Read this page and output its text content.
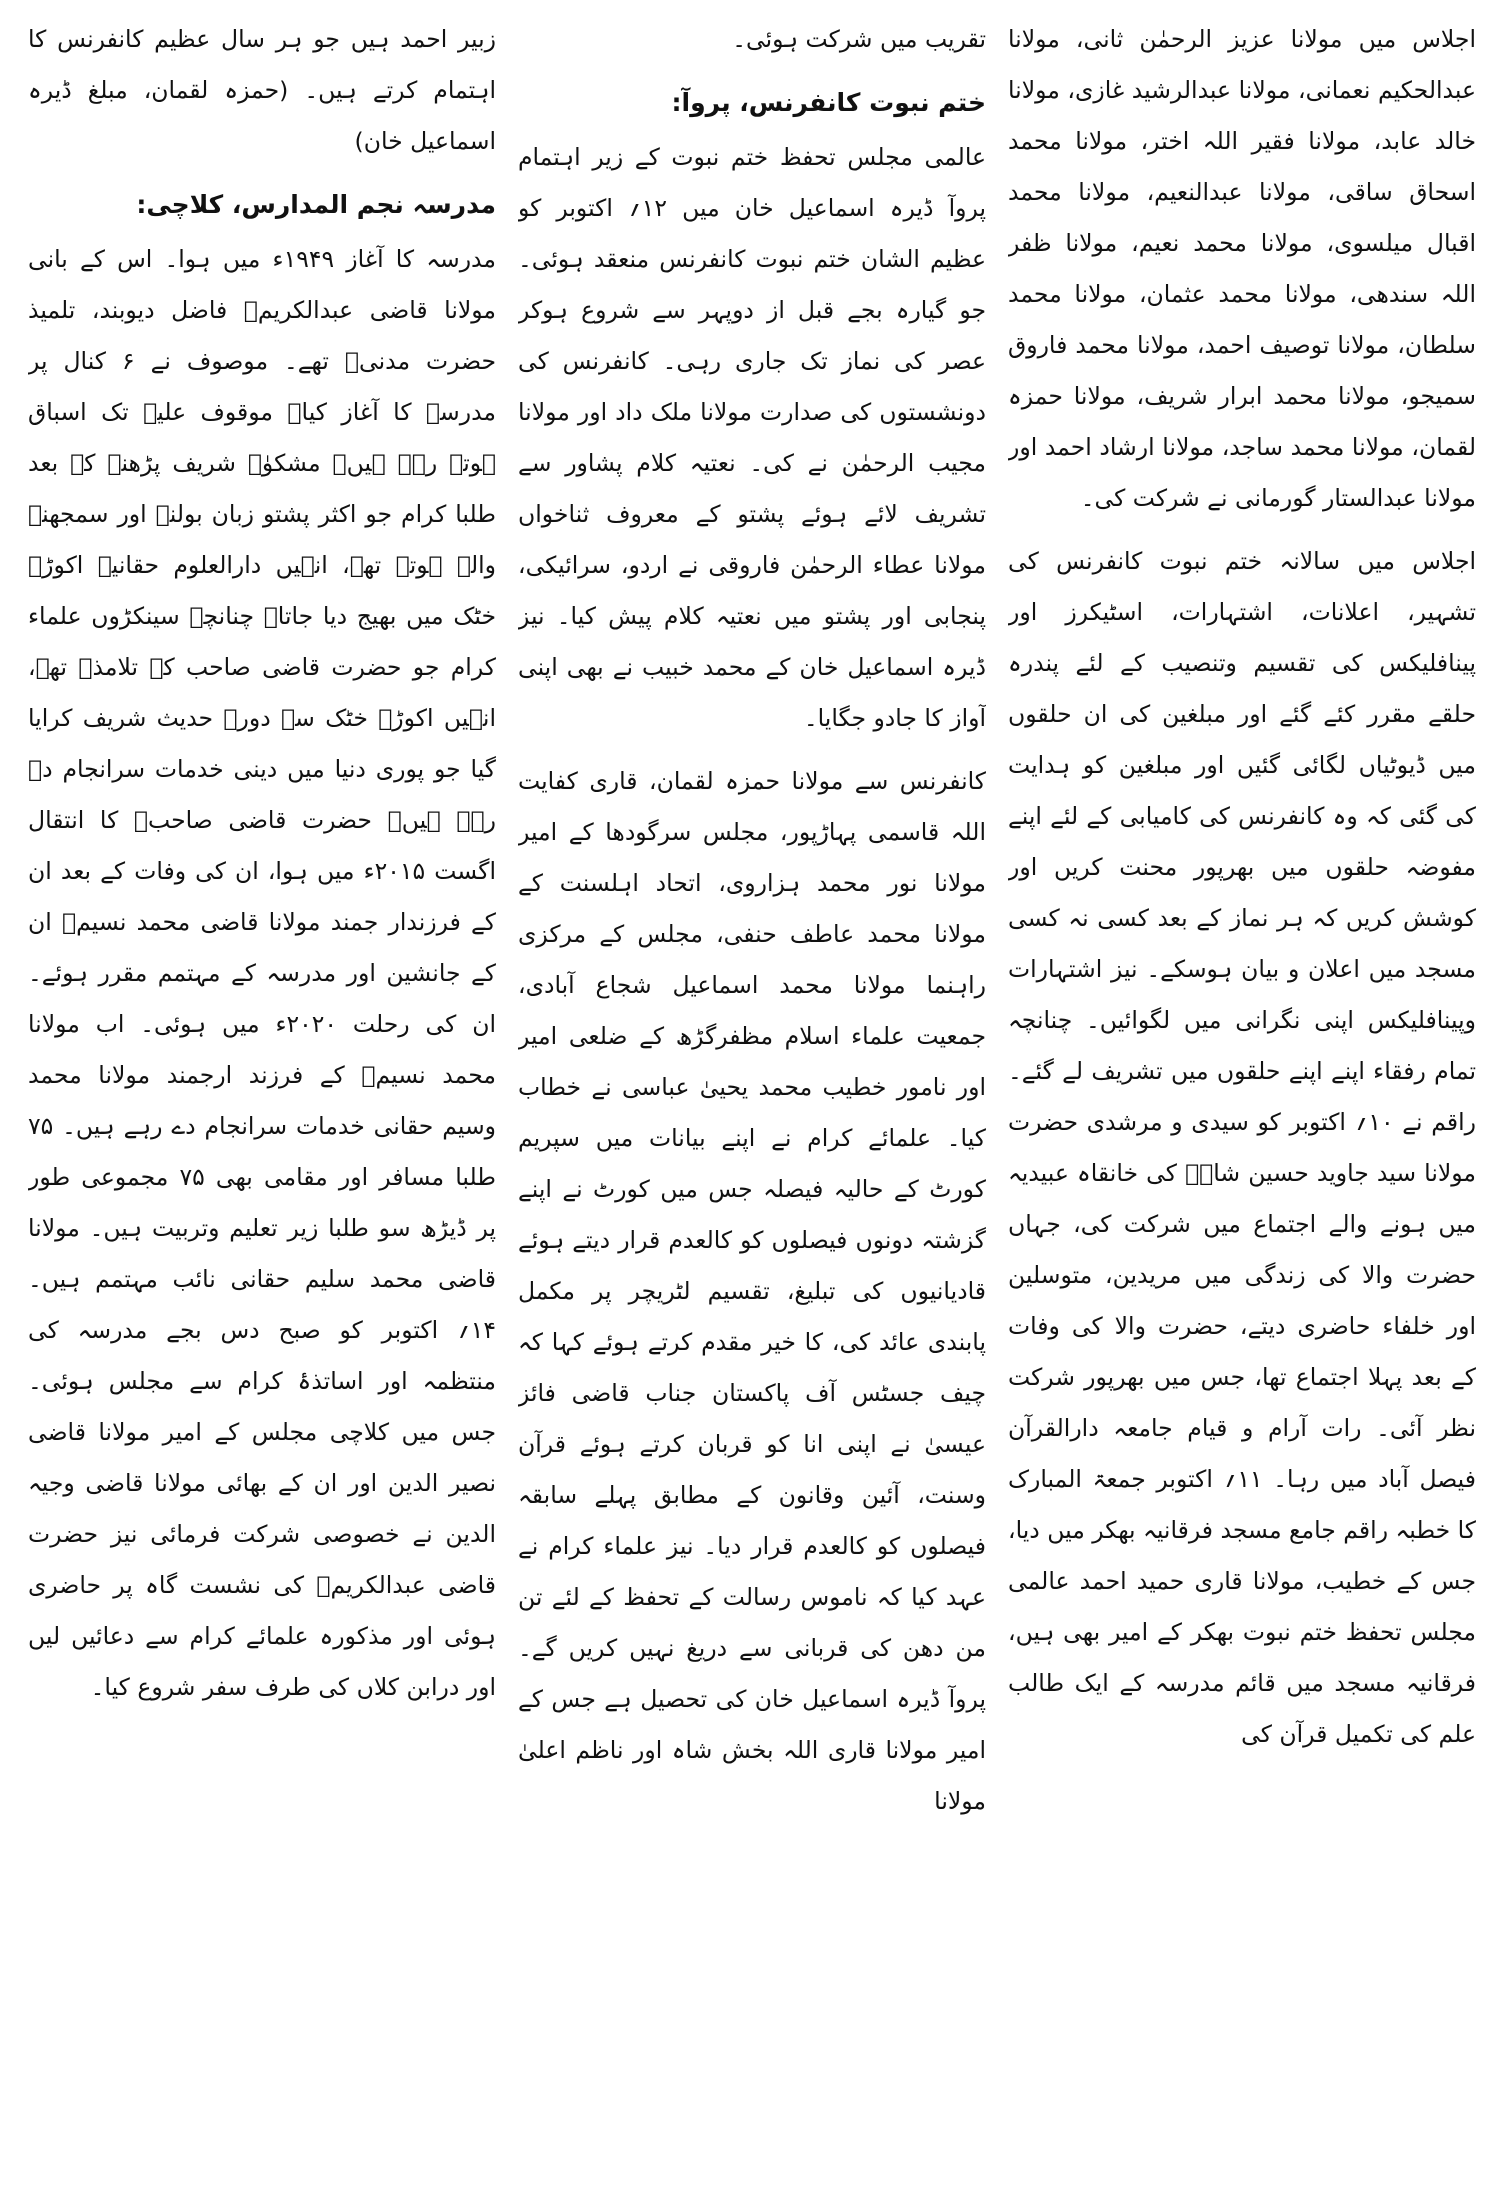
اجلاس میں مولانا عزیز الرحمٰن ثانی، مولانا عبدالحکیم نعمانی، مولانا عبدالرشید غازی، مولانا خالد عابد، مولانا فقیر اللہ اختر، مولانا محمد اسحاق ساقی، مولانا عبدالنعیم، مولانا محمد اقبال میلسوی، مولانا محمد نعیم، مولانا ظفر اللہ سندھی، مولانا محمد عثمان، مولانا محمد سلطان، مولانا توصیف احمد، مولانا محمد فاروق سمیجو، مولانا محمد ابرار شریف، مولانا حمزہ لقمان، مولانا محمد ساجد، مولانا ارشاد احمد اور مولانا عبدالستار گورمانی نے شرکت کی۔

اجلاس میں سالانہ ختم نبوت کانفرنس کی تشہیر، اعلانات، اشتہارات، اسٹیکرز اور پینافلیکس کی تقسیم وتنصیب کے لئے پندرہ حلقے مقرر کئے گئے اور مبلغین کی ان حلقوں میں ڈیوٹیاں لگائی گئیں اور مبلغین کو ہدایت کی گئی کہ وہ کانفرنس کی کامیابی کے لئے اپنے مفوضہ حلقوں میں بھرپور محنت کریں اور کوشش کریں کہ ہر نماز کے بعد کسی نہ کسی مسجد میں اعلان و بیان ہوسکے۔ نیز اشتہارات وپینافلیکس اپنی نگرانی میں لگوائیں۔ چنانچہ تمام رفقاء اپنے اپنے حلقوں میں تشریف لے گئے۔ راقم نے ۱۰؍ اکتوبر کو سیدی و مرشدی حضرت مولانا سید جاوید حسین شاہؒ کی خانقاہ عبیدیہ میں ہونے والے اجتماع میں شرکت کی، جہاں حضرت والا کی زندگی میں مریدین، متوسلین اور خلفاء حاضری دیتے، حضرت والا کی وفات کے بعد پہلا اجتماع تھا، جس میں بھرپور شرکت نظر آئی۔ رات آرام و قیام جامعہ دارالقرآن فیصل آباد میں رہا۔ ۱۱؍ اکتوبر جمعۃ المبارک کا خطبہ راقم جامع مسجد فرقانیہ بھکر میں دیا، جس کے خطیب، مولانا قاری حمید احمد عالمی مجلس تحفظ ختم نبوت بھکر کے امیر بھی ہیں، فرقانیہ مسجد میں قائم مدرسہ کے ایک طالب علم کی تکمیل قرآن کی

تقریب میں شرکت ہوئی۔

ختم نبوت کانفرنس، پروآ:

عالمی مجلس تحفظ ختم نبوت کے زیر اہتمام پروآ ڈیرہ اسماعیل خان میں ۱۲؍ اکتوبر کو عظیم الشان ختم نبوت کانفرنس منعقد ہوئی۔ جو گیارہ بجے قبل از دوپہر سے شروع ہوکر عصر کی نماز تک جاری رہی۔ کانفرنس کی دونشستوں کی صدارت مولانا ملک داد اور مولانا مجیب الرحمٰن نے کی۔ نعتیہ کلام پشاور سے تشریف لائے ہوئے پشتو کے معروف ثناخواں مولانا عطاء الرحمٰن فاروقی نے اردو، سرائیکی، پنجابی اور پشتو میں نعتیہ کلام پیش کیا۔ نیز ڈیرہ اسماعیل خان کے محمد خبیب نے بھی اپنی آواز کا جادو جگایا۔

کانفرنس سے مولانا حمزہ لقمان، قاری کفایت اللہ قاسمی پہاڑپور، مجلس سرگودھا کے امیر مولانا نور محمد ہزاروی، اتحاد اہلسنت کے مولانا محمد عاطف حنفی، مجلس کے مرکزی راہنما مولانا محمد اسماعیل شجاع آبادی، جمعیت علماء اسلام مظفرگڑھ کے ضلعی امیر اور نامور خطیب محمد یحییٰ عباسی نے خطاب کیا۔ علمائے کرام نے اپنے بیانات میں سپریم کورٹ کے حالیہ فیصلہ جس میں کورٹ نے اپنے گزشتہ دونوں فیصلوں کو کالعدم قرار دیتے ہوئے قادیانیوں کی تبلیغ، تقسیم لٹریچر پر مکمل پابندی عائد کی، کا خیر مقدم کرتے ہوئے کہا کہ چیف جسٹس آف پاکستان جناب قاضی فائز عیسیٰ نے اپنی انا کو قربان کرتے ہوئے قرآن وسنت، آئین وقانون کے مطابق پہلے سابقہ فیصلوں کو کالعدم قرار دیا۔ نیز علماء کرام نے عہد کیا کہ ناموس رسالت کے تحفظ کے لئے تن من دھن کی قربانی سے دریغ نہیں کریں گے۔ پروآ ڈیرہ اسماعیل خان کی تحصیل ہے جس کے امیر مولانا قاری اللہ بخش شاہ اور ناظم اعلیٰ مولانا

زبیر احمد ہیں جو ہر سال عظیم کانفرنس کا اہتمام کرتے ہیں۔ (حمزہ لقمان، مبلغ ڈیرہ اسماعیل خان)

مدرسہ نجم المدارس، کلاچی:

مدرسہ کا آغاز ۱۹۴۹ء میں ہوا۔ اس کے بانی مولانا قاضی عبدالکریمؒ فاضل دیوبند، تلمیذ حضرت مدنیؒ تھے۔ موصوف نے ۶ کنال پر مدرسہ کا آغاز کیا۔ موقوف علیہ تک اسباق ہوتے رہے ہیں۔ مشکوٰۃ شریف پڑھنے کے بعد طلبا کرام جو اکثر پشتو زبان بولنے اور سمجھنے والے ہوتے تھے، انہیں دارالعلوم حقانیہ اکوڑہ خٹک میں بھیج دیا جاتا۔ چنانچہ سینکڑوں علماء کرام جو حضرت قاضی صاحب کے تلامذہ تھے، انہیں اکوڑہ خٹک سے دورۂ حدیث شریف کرایا گیا جو پوری دنیا میں دینی خدمات سرانجام دے رہے ہیں۔ حضرت قاضی صاحبؒ کا انتقال اگست ۲۰۱۵ء میں ہوا، ان کی وفات کے بعد ان کے فرزندار جمند مولانا قاضی محمد نسیمؒ ان کے جانشین اور مدرسہ کے مہتمم مقرر ہوئے۔ ان کی رحلت ۲۰۲۰ء میں ہوئی۔ اب مولانا محمد نسیمؒ کے فرزند ارجمند مولانا محمد وسیم حقانی خدمات سرانجام دے رہے ہیں۔ ۷۵ طلبا مسافر اور مقامی بھی ۷۵ مجموعی طور پر ڈیڑھ سو طلبا زیر تعلیم وتربیت ہیں۔ مولانا قاضی محمد سلیم حقانی نائب مہتمم ہیں۔ ۱۴؍ اکتوبر کو صبح دس بجے مدرسہ کی منتظمہ اور اساتذۂ کرام سے مجلس ہوئی۔ جس میں کلاچی مجلس کے امیر مولانا قاضی نصیر الدین اور ان کے بھائی مولانا قاضی وجیہ الدین نے خصوصی شرکت فرمائی نیز حضرت قاضی عبدالکریمؒ کی نشست گاہ پر حاضری ہوئی اور مذکورہ علمائے کرام سے دعائیں لیں اور درابن کلاں کی طرف سفر شروع کیا۔
